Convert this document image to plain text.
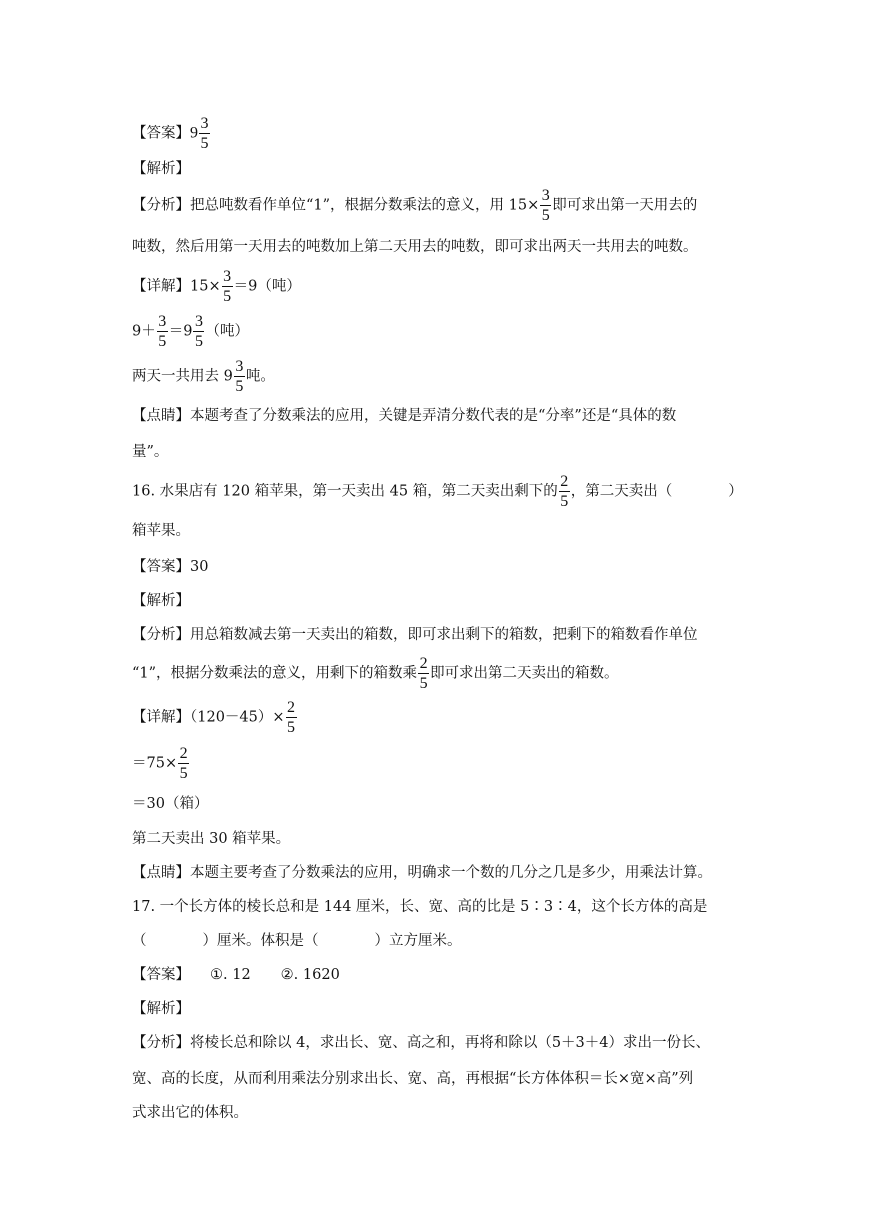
【答案】$9 \frac{3}{5}$
【解析】
【分析】把总吨数看作单位“1”，根据分数乘法的意义，用 $15\times \frac{3}{5}$ 即可求出第一天用去的
吨数，然后用第一天用去的吨数加上第二天用去的吨数，即可求出两天一共用去的吨数。
【详解】$15\times \frac{3}{5} =9$（吨）
$9+ \frac{3}{5} =9 \frac{3}{5}$ （吨）
两天一共用去 $9 \frac{3}{5}$ 吨。
【点睛】本题考查了分数乘法的应用，关键是弄清分数代表的是“分率”还是“具体的数
量”。
16. 水果店有 120 箱苹果，第一天卖出 45 箱，第二天卖出剩下的 $\frac{2}{5}$ ，第二天卖出（	）
箱苹果。
【答案】30
【解析】
【分析】用总箱数减去第一天卖出的箱数，即可求出剩下的箱数，把剩下的箱数看作单位
“1”，根据分数乘法的意义，用剩下的箱数乘 $\frac{2}{5}$ 即可求出第二天卖出的箱数。
【详解】$(120-45)\times \frac{2}{5}$
$=75\times \frac{2}{5}$
＝30（箱）
第二天卖出 30 箱苹果。
【点睛】本题主要考查了分数乘法的应用，明确求一个数的几分之几是多少，用乘法计算。
17. 一个长方体的棱长总和是 144 厘米，长、宽、高的比是 5∶3∶4，这个长方体的高是
（	）厘米。体积是（	）立方厘米。
【答案】 ①. 12 ②. 1620
【解析】
【分析】将棱长总和除以 4，求出长、宽、高之和，再将和除以（5＋3＋4）求出一份长、
宽、高的长度，从而利用乘法分别求出长、宽、高，再根据“长方体体积＝长×宽×高”列
式求出它的体积。
